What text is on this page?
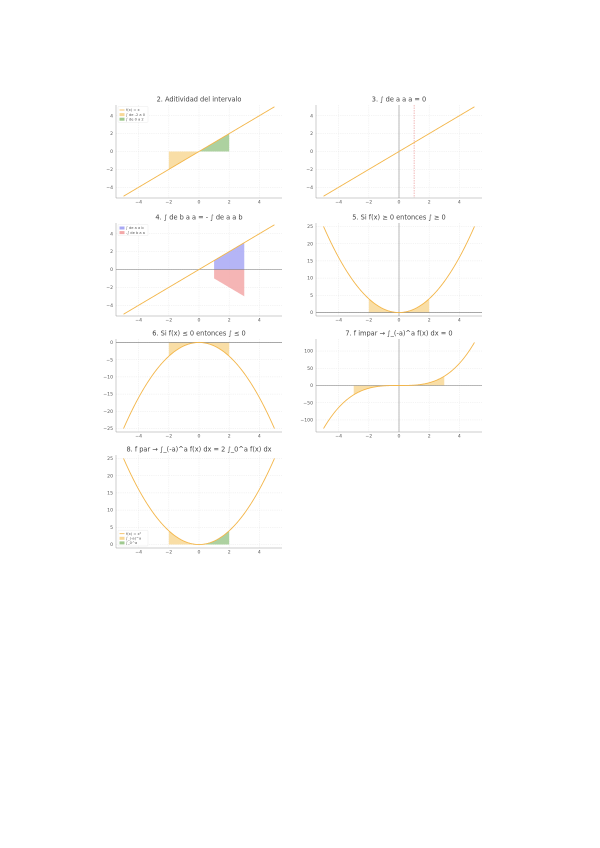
2. Aditividad del intervalo
−4	−2	0	2	4
−4
−2
0
2
4
f(x) = x
∫ de -2 a 0
∫ de 0 a 2
3. ∫ de a a a = 0
−4	−2	0	2	4
−4
−2
0
2
4
4. ∫ de b a a = - ∫ de a a b
−4	−2	0	2	4
−4
−2
0
2
4
∫ de a a b
-∫ de b a a
5. Si f(x) ≥ 0 entonces ∫ ≥ 0
−4	−2	0	2	4
0
5
10
15
20
25
6. Si f(x) ≤ 0 entonces ∫ ≤ 0
−4	−2	0	2	4
0
−5
−10
−15
−20
−25
7. f impar → ∫_(-a)^a f(x) dx = 0
−4	−2	0	2	4
100
50
0
−50
−100
8. f par → ∫_(-a)^a f(x) dx = 2 ∫_0^a f(x) dx
−4	−2	0	2	4
0
5
10
15
20
25
f(x) = x²
∫_(-a)^a
∫_0^a
